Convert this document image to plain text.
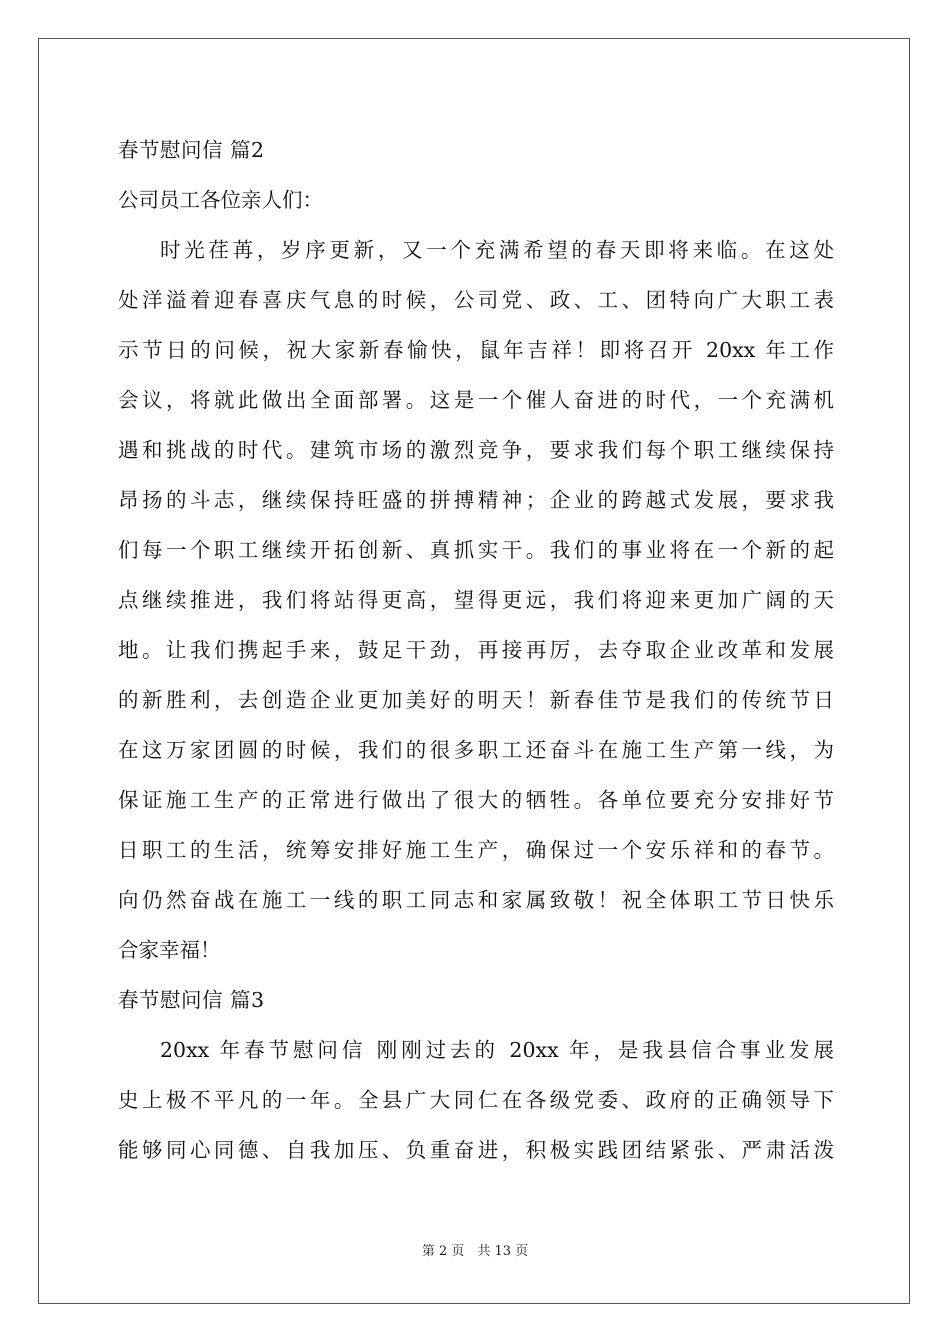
春节慰问信 篇2
公司员工各位亲人们：
时光荏苒，岁序更新，又一个充满希望的春天即将来临。在这处
处洋溢着迎春喜庆气息的时候，公司党、政、工、团特向广大职工表
示节日的问候，祝大家新春愉快，鼠年吉祥！即将召开 20xx 年工作
会议，将就此做出全面部署。这是一个催人奋进的时代，一个充满机
遇和挑战的时代。建筑市场的激烈竞争，要求我们每个职工继续保持
昂扬的斗志，继续保持旺盛的拼搏精神；企业的跨越式发展，要求我
们每一个职工继续开拓创新、真抓实干。我们的事业将在一个新的起
点继续推进，我们将站得更高，望得更远，我们将迎来更加广阔的天
地。让我们携起手来，鼓足干劲，再接再厉，去夺取企业改革和发展
的新胜利，去创造企业更加美好的明天！新春佳节是我们的传统节日
在这万家团圆的时候，我们的很多职工还奋斗在施工生产第一线，为
保证施工生产的正常进行做出了很大的牺牲。各单位要充分安排好节
日职工的生活，统筹安排好施工生产，确保过一个安乐祥和的春节。
向仍然奋战在施工一线的职工同志和家属致敬！祝全体职工节日快乐
合家幸福！
春节慰问信 篇3
20xx 年春节慰问信 刚刚过去的 20xx 年，是我县信合事业发展
史上极不平凡的一年。全县广大同仁在各级党委、政府的正确领导下
能够同心同德、自我加压、负重奋进，积极实践团结紧张、严肃活泼
第 2 页　共 13 页
